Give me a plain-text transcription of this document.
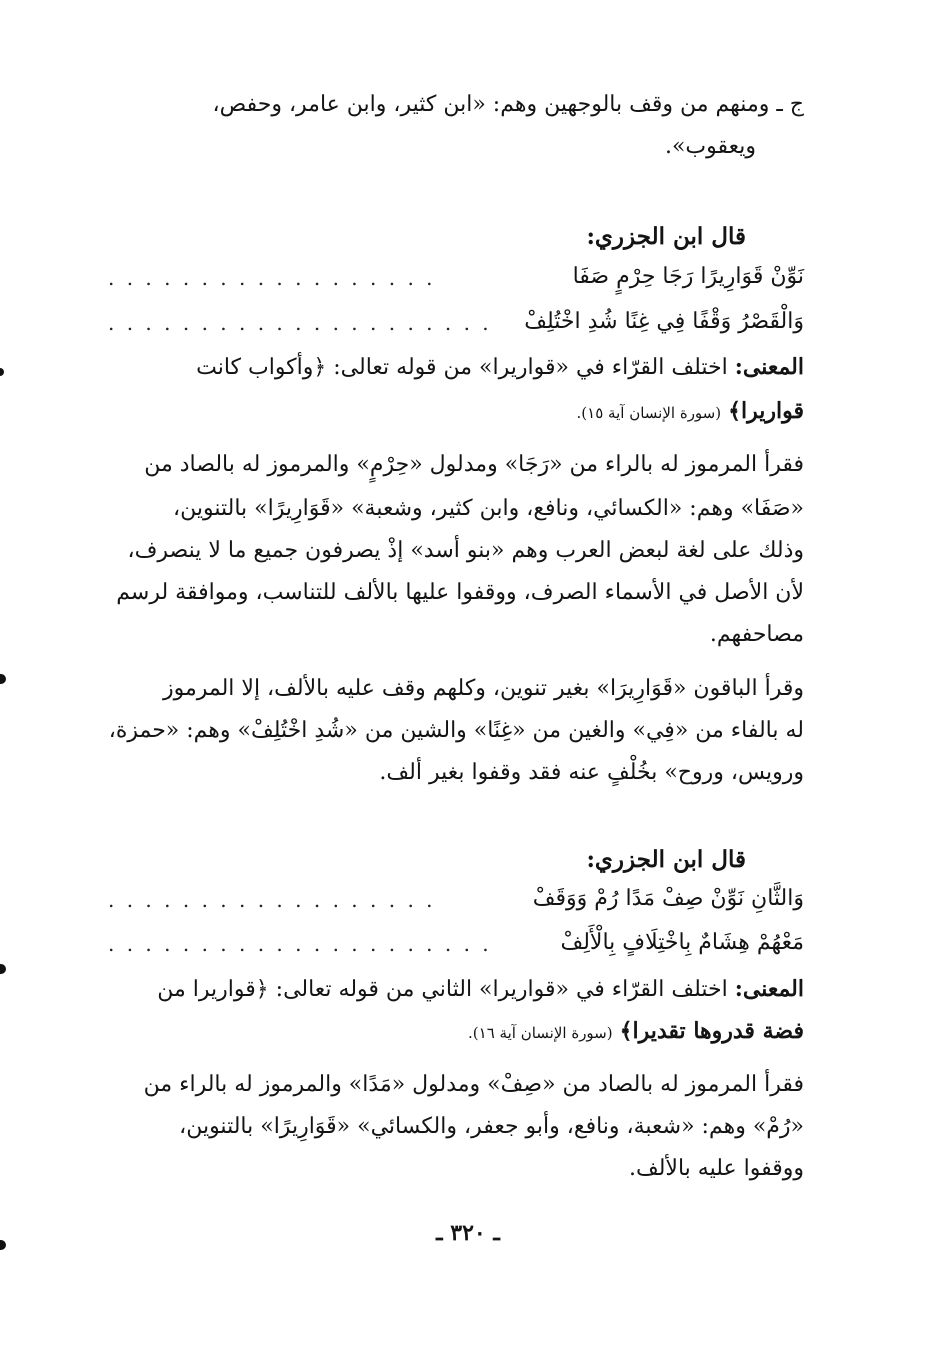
ج ـ ومنهم من وقف بالوجهين وهم: «ابن كثير، وابن عامر، وحفص،
ويعقوب».
قال ابن الجزري:
نَوِّنْ قَوَارِيرًا رَجَا حِرْمٍ صَفَا
. . . . . . . . . . . . . . . . . .
وَالْقَصْرُ وَقْفًا فِي غِنًا شُدِ اخْتُلِفْ
. . . . . . . . . . . . . . . . . . . . .
المعنى: اختلف القرّاء في «قواريرا» من قوله تعالى: ﴿وأكواب كانت
قواريرا﴾ (سورة الإنسان آية ١٥).
فقرأ المرموز له بالراء من «رَجَا» ومدلول «حِرْمٍ» والمرموز له بالصاد من
«صَفَا» وهم: «الكسائي، ونافع، وابن كثير، وشعبة» «قَوَارِيرًا» بالتنوين،
وذلك على لغة لبعض العرب وهم «بنو أسد» إذْ يصرفون جميع ما لا ينصرف،
لأن الأصل في الأسماء الصرف، ووقفوا عليها بالألف للتناسب، وموافقة لرسم
مصاحفهم.
وقرأ الباقون «قَوَارِيرَا» بغير تنوين، وكلهم وقف عليه بالألف، إلا المرموز
له بالفاء من «فِي» والغين من «غِنًا» والشين من «شُدِ اخْتُلِفْ» وهم: «حمزة،
ورويس، وروح» بخُلْفٍ عنه فقد وقفوا بغير ألف.
قال ابن الجزري:
وَالثَّانِ نَوِّنْ صِفْ مَدًا رُمْ وَوَقَفْ
. . . . . . . . . . . . . . . . . .
مَعْهُمْ هِشَامٌ بِاخْتِلَافٍ بِالْأَلِفْ
. . . . . . . . . . . . . . . . . . . . .
المعنى: اختلف القرّاء في «قواريرا» الثاني من قوله تعالى: ﴿قواريرا من
فضة قدروها تقديرا﴾ (سورة الإنسان آية ١٦).
فقرأ المرموز له بالصاد من «صِفْ» ومدلول «مَدًا» والمرموز له بالراء من
«رُمْ» وهم: «شعبة، ونافع، وأبو جعفر، والكسائي» «قَوَارِيرًا» بالتنوين،
ووقفوا عليه بالألف.
ـ ٣٢٠ ـ
